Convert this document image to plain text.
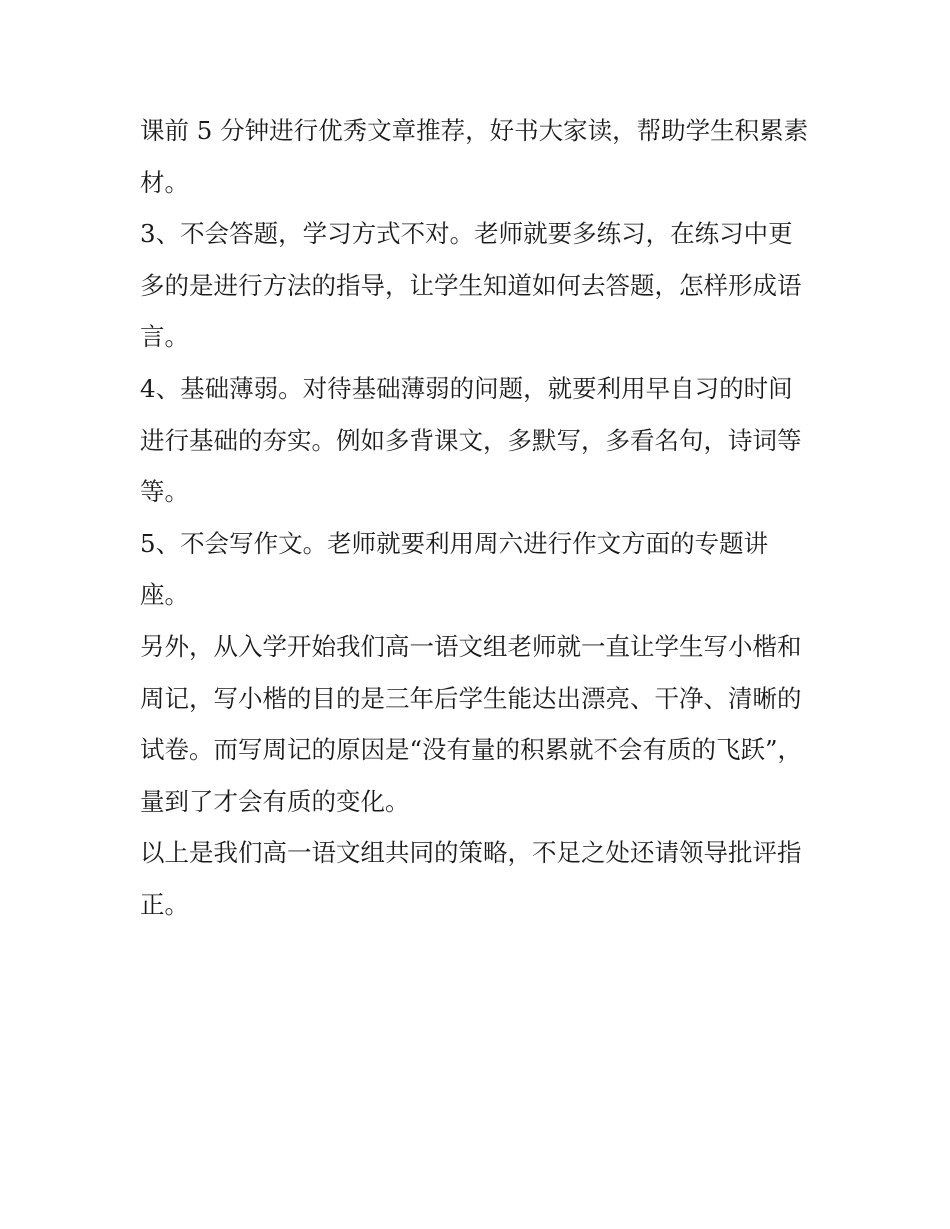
课前 5 分钟进行优秀文章推荐，好书大家读，帮助学生积累素
材。
3、不会答题，学习方式不对。老师就要多练习，在练习中更
多的是进行方法的指导，让学生知道如何去答题，怎样形成语
言。
4、基础薄弱。对待基础薄弱的问题，就要利用早自习的时间
进行基础的夯实。例如多背课文，多默写，多看名句，诗词等
等。
5、不会写作文。老师就要利用周六进行作文方面的专题讲
座。
另外，从入学开始我们高一语文组老师就一直让学生写小楷和
周记，写小楷的目的是三年后学生能达出漂亮、干净、清晰的
试卷。而写周记的原因是“没有量的积累就不会有质的飞跃”，
量到了才会有质的变化。
以上是我们高一语文组共同的策略，不足之处还请领导批评指
正。
